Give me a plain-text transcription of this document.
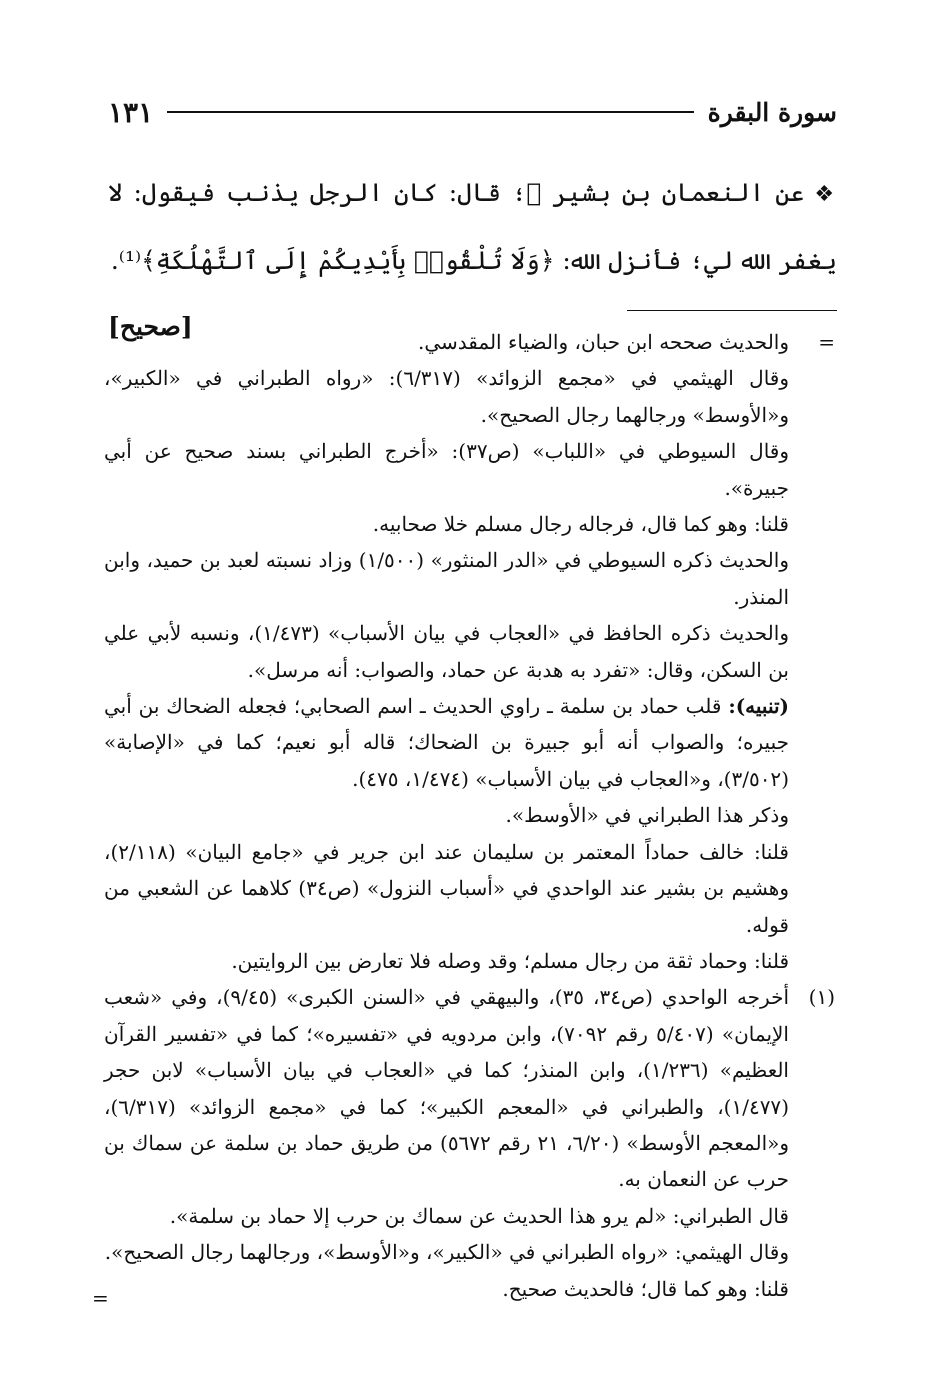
سورة البقرة
١٣١
❖عن النعمان بن بشير ﷺ؛ قال: كان الرجل يذنب فيقول: لا يغفر الله لي؛ فأنزل الله: ﴿وَلَا تُلْقُوا۟ بِأَيْدِيكُمْ إِلَى ٱلتَّهْلُكَةِ﴾⁽¹⁾.
[صحيح]
=
والحديث صححه ابن حبان، والضياء المقدسي.
وقال الهيثمي في «مجمع الزوائد» (٦/٣١٧): «رواه الطبراني في «الكبير»، و«الأوسط» ورجالهما رجال الصحيح».
وقال السيوطي في «اللباب» (ص٣٧): «أخرج الطبراني بسند صحيح عن أبي جبيرة».
قلنا: وهو كما قال، فرجاله رجال مسلم خلا صحابيه.
والحديث ذكره السيوطي في «الدر المنثور» (١/٥٠٠) وزاد نسبته لعبد بن حميد، وابن المنذر.
والحديث ذكره الحافظ في «العجاب في بيان الأسباب» (١/٤٧٣)، ونسبه لأبي علي بن السكن، وقال: «تفرد به هدبة عن حماد، والصواب: أنه مرسل».
(تنبيه): قلب حماد بن سلمة ـ راوي الحديث ـ اسم الصحابي؛ فجعله الضحاك بن أبي جبيره؛ والصواب أنه أبو جبيرة بن الضحاك؛ قاله أبو نعيم؛ كما في «الإصابة» (٣/٥٠٢)، و«العجاب في بيان الأسباب» (١/٤٧٤، ٤٧٥).
وذكر هذا الطبراني في «الأوسط».
قلنا: خالف حماداً المعتمر بن سليمان عند ابن جرير في «جامع البيان» (٢/١١٨)، وهشيم بن بشير عند الواحدي في «أسباب النزول» (ص٣٤) كلاهما عن الشعبي من قوله.
قلنا: وحماد ثقة من رجال مسلم؛ وقد وصله فلا تعارض بين الروايتين.
(١)
أخرجه الواحدي (ص٣٤، ٣٥)، والبيهقي في «السنن الكبرى» (٩/٤٥)، وفي «شعب الإيمان» (٥/٤٠٧ رقم ٧٠٩٢)، وابن مردويه في «تفسيره»؛ كما في «تفسير القرآن العظيم» (١/٢٣٦)، وابن المنذر؛ كما في «العجاب في بيان الأسباب» لابن حجر (١/٤٧٧)، والطبراني في «المعجم الكبير»؛ كما في «مجمع الزوائد» (٦/٣١٧)، و«المعجم الأوسط» (٦/٢٠، ٢١ رقم ٥٦٧٢) من طريق حماد بن سلمة عن سماك بن حرب عن النعمان به.
قال الطبراني: «لم يرو هذا الحديث عن سماك بن حرب إلا حماد بن سلمة».
وقال الهيثمي: «رواه الطبراني في «الكبير»، و«الأوسط»، ورجالهما رجال الصحيح».
قلنا: وهو كما قال؛ فالحديث صحيح.
=
